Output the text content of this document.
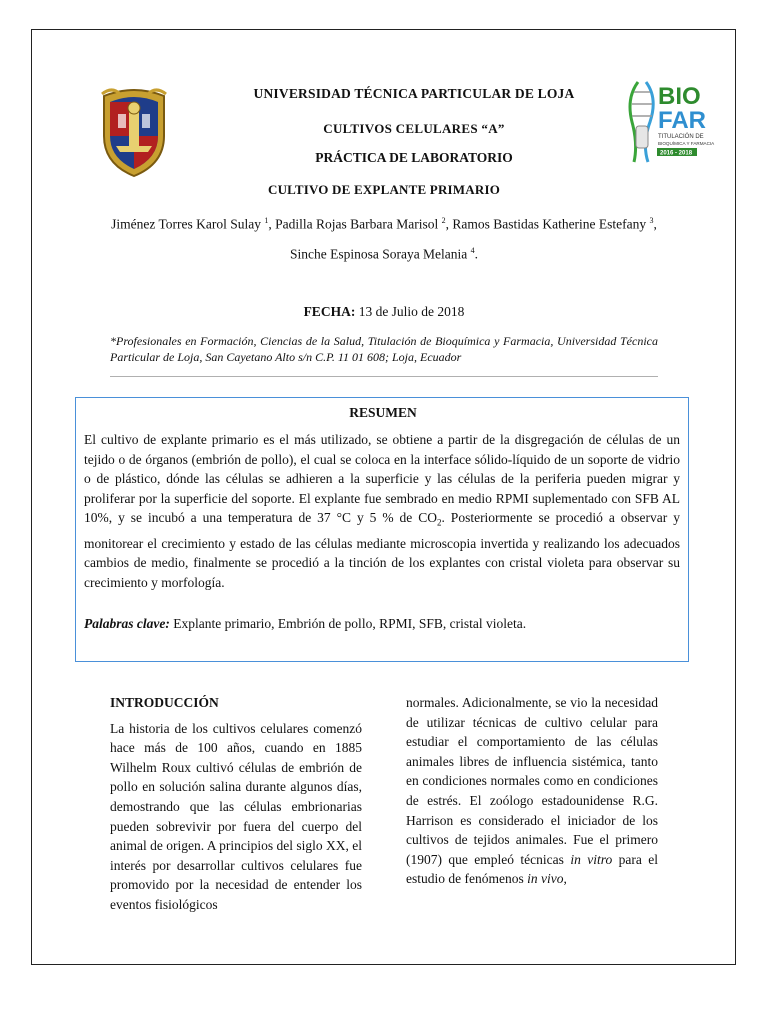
BIO
FAR
TITULACIÓN DE
BIOQUÍMICA Y FARMACIA
2016 - 2018
UNIVERSIDAD TÉCNICA PARTICULAR DE LOJA
CULTIVOS CELULARES “A”
PRÁCTICA DE LABORATORIO
CULTIVO DE EXPLANTE PRIMARIO
Jiménez Torres Karol Sulay $^1$, Padilla Rojas Barbara Marisol $^2$, Ramos Bastidas Katherine Estefany $^3$, Sinche Espinosa Soraya Melania $^4$.
FECHA: 13 de Julio de 2018
*Profesionales en Formación, Ciencias de la Salud, Titulación de Bioquímica y Farmacia, Universidad Técnica Particular de Loja, San Cayetano Alto s/n C.P. 11 01 608; Loja, Ecuador
RESUMEN
El cultivo de explante primario es el más utilizado, se obtiene a partir de la disgregación de células de un tejido o de órganos (embrión de pollo), el cual se coloca en la interface sólido-líquido de un soporte de vidrio o de plástico, dónde las células se adhieren a la superficie y las células de la periferia pueden migrar y proliferar por la superficie del soporte. El explante fue sembrado en medio RPMI suplementado con SFB AL 10%, y se incubó a una temperatura de 37 °C y 5 % de $CO_2$. Posteriormente se procedió a observar y monitorear el crecimiento y estado de las células mediante microscopia invertida y realizando los adecuados cambios de medio, finalmente se procedió a la tinción de los explantes con cristal violeta para observar su crecimiento y morfología.
Palabras clave: Explante primario, Embrión de pollo, RPMI, SFB, cristal violeta.
INTRODUCCIÓN

La historia de los cultivos celulares comenzó hace más de 100 años, cuando en 1885 Wilhelm Roux cultivó células de embrión de pollo en solución salina durante algunos días, demostrando que las células embrionarias pueden sobrevivir por fuera del cuerpo del animal de origen. A principios del siglo XX, el interés por desarrollar cultivos celulares fue promovido por la necesidad de entender los eventos fisiológicos

normales. Adicionalmente, se vio la necesidad de utilizar técnicas de cultivo celular para estudiar el comportamiento de las células animales libres de influencia sistémica, tanto en condiciones normales como en condiciones de estrés. El zoólogo estadounidense R.G. Harrison es considerado el iniciador de los cultivos de tejidos animales. Fue el primero (1907) que empleó técnicas in vitro para el estudio de fenómenos in vivo,
